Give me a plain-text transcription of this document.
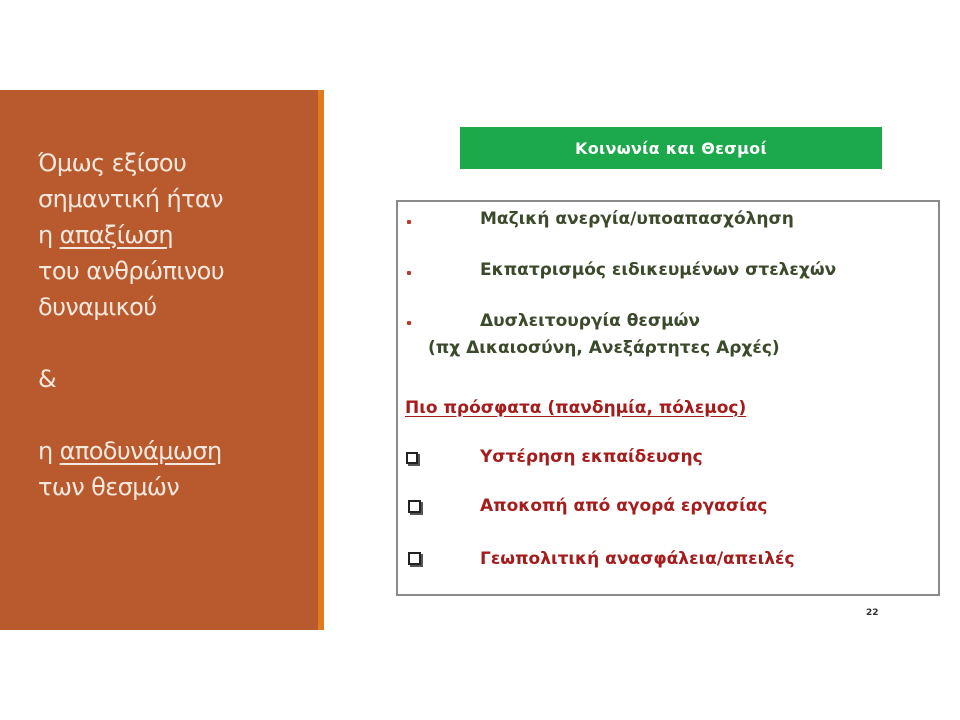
Όμως εξίσου
σημαντική ήταν
η απαξίωση
του ανθρώπινου
δυναμικού
&
η αποδυνάμωση
των θεσμών
Κοινωνία και Θεσμοί
Μαζική ανεργία/υποαπασχόληση
Εκπατρισμός ειδικευμένων στελεχών
Δυσλειτουργία θεσμών
(πχ Δικαιοσύνη, Ανεξάρτητες Αρχές)
Πιο πρόσφατα (πανδημία, πόλεμος)
Υστέρηση εκπαίδευσης
Αποκοπή από αγορά εργασίας
Γεωπολιτική ανασφάλεια/απειλές
22
